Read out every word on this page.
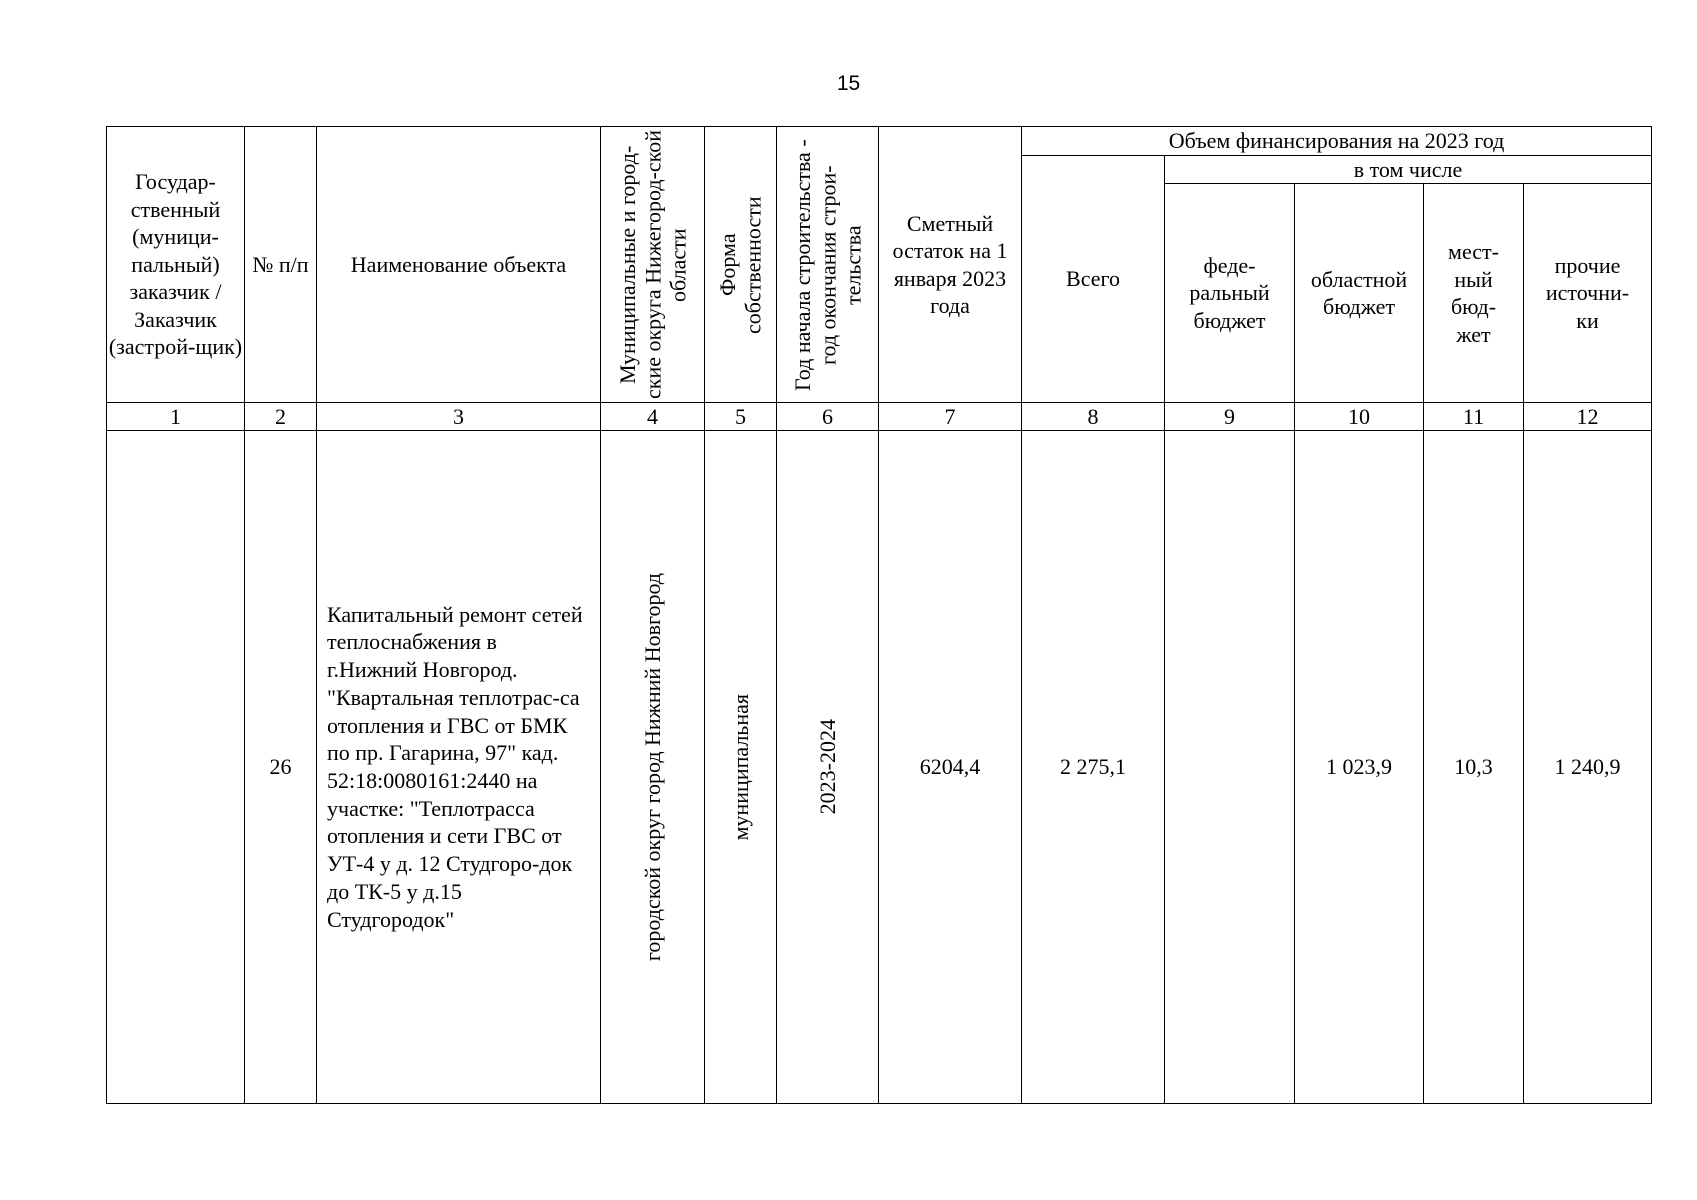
15
Государ-ственный (муници-пальный) заказчик / Заказчик (застрой-щик)	№ п/п	Наименование объекта	Муниципальные и город-ские округа Нижегород-ской области	Форма собственности	Год начала строительства - год окончания строи-тельства	Сметный остаток на 1 января 2023 года	Объем финансирования на 2023 год				
							Всего	в том числе			
								феде-ральный бюджет	областной бюджет	мест-ный бюд-жет	прочие источни-ки
1	2	3	4	5	6	7	8	9	10	11	12
	26	Капитальный ремонт сетей теплоснабжения в г.Нижний Новгород. "Квартальная теплотрас-са отопления и ГВС от БМК по пр. Гагарина, 97" кад. 52:18:0080161:2440 на участке: "Теплотрасса отопления и сети ГВС от УТ-4 у д. 12 Студгоро-док до ТК-5 у д.15 Студгородок"	городской округ город Нижний Новгород	муниципальная	2023-2024	6204,4	2 275,1		1 023,9	10,3	1 240,9
